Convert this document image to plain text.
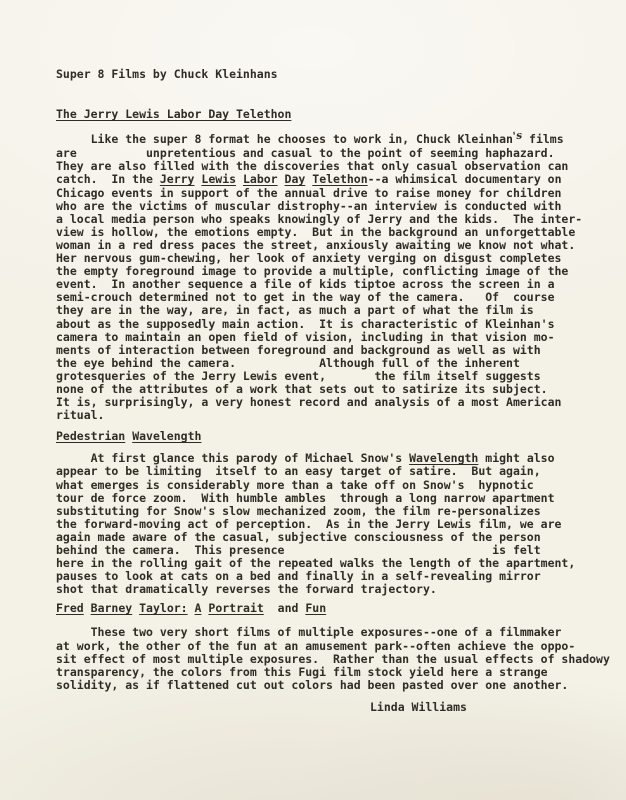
Super 8 Films by Chuck Kleinhans
The Jerry Lewis Labor Day Telethon
Like the super 8 format he chooses to work in, Chuck Kleinhan's films
are          unpretentious and casual to the point of seeming haphazard.
They are also filled with the discoveries that only casual observation can
catch.  In the Jerry Lewis Labor Day Telethon--a whimsical documentary on
Chicago events in support of the annual drive to raise money for children
who are the victims of muscular distrophy--an interview is conducted with
a local media person who speaks knowingly of Jerry and the kids.  The inter-
view is hollow, the emotions empty.  But in the background an unforgettable
woman in a red dress paces the street, anxiously awaiting we know not what.
Her nervous gum-chewing, her look of anxiety verging on disgust completes
the empty foreground image to provide a multiple, conflicting image of the
event.  In another sequence a file of kids tiptoe across the screen in a
semi-crouch determined not to get in the way of the camera.   Of  course
they are in the way, are, in fact, as much a part of what the film is
about as the supposedly main action.  It is characteristic of Kleinhan's
camera to maintain an open field of vision, including in that vision mo-
ments of interaction between foreground and background as well as with
the eye behind the camera.            Although full of the inherent
grotesqueries of the Jerry Lewis event,       the film itself suggests
none of the attributes of a work that sets out to satirize its subject.
It is, surprisingly, a very honest record and analysis of a most American
ritual.
Pedestrian Wavelength
At first glance this parody of Michael Snow's Wavelength might also
appear to be limiting  itself to an easy target of satire.  But again,
what emerges is considerably more than a take off on Snow's  hypnotic
tour de force zoom.  With humble ambles  through a long narrow apartment
substituting for Snow's slow mechanized zoom, the film re-personalizes
the forward-moving act of perception.  As in the Jerry Lewis film, we are
again made aware of the casual, subjective consciousness of the person
behind the camera.  This presence                              is felt
here in the rolling gait of the repeated walks the length of the apartment,
pauses to look at cats on a bed and finally in a self-revealing mirror
shot that dramatically reverses the forward trajectory.
Fred Barney Taylor: A Portrait  and Fun
These two very short films of multiple exposures--one of a filmmaker
at work, the other of the fun at an amusement park--often achieve the oppo-
sit effect of most multiple exposures.  Rather than the usual effects of shadowy
transparency, the colors from this Fugi film stock yield here a strange
solidity, as if flattened cut out colors had been pasted over one another.
Linda Williams
